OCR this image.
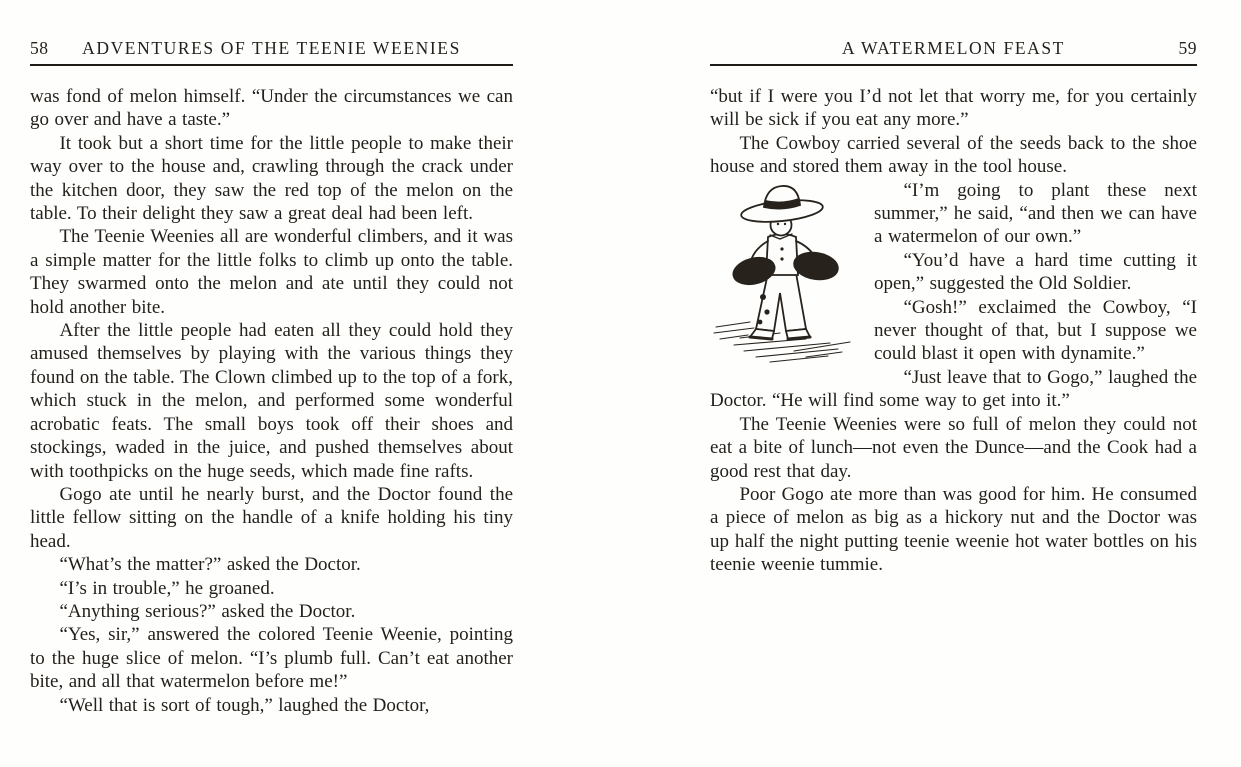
58	ADVENTURES OF THE TEENIE WEENIES

was fond of melon himself. “Under the circumstances we can go over and have a taste.”

It took but a short time for the little people to make their way over to the house and, crawling through the crack under the kitchen door, they saw the red top of the melon on the table. To their delight they saw a great deal had been left.

The Teenie Weenies all are wonderful climbers, and it was a simple matter for the little folks to climb up onto the table. They swarmed onto the melon and ate until they could not hold another bite.

After the little people had eaten all they could hold they amused themselves by playing with the various things they found on the table. The Clown climbed up to the top of a fork, which stuck in the melon, and performed some wonderful acrobatic feats. The small boys took off their shoes and stockings, waded in the juice, and pushed themselves about with toothpicks on the huge seeds, which made fine rafts.

Gogo ate until he nearly burst, and the Doctor found the little fellow sitting on the handle of a knife holding his tiny head.

“What’s the matter?” asked the Doctor.

“I’s in trouble,” he groaned.

“Anything serious?” asked the Doctor.

“Yes, sir,” answered the colored Teenie Weenie, pointing to the huge slice of melon. “I’s plumb full. Can’t eat another bite, and all that watermelon before me!”

“Well that is sort of tough,” laughed the Doctor,

A WATERMELON FEAST	59

“but if I were you I’d not let that worry me, for you certainly will be sick if you eat any more.”

The Cowboy carried several of the seeds back to the shoe house and stored them away in the tool house.

“I’m going to plant these next summer,” he said, “and then we can have a watermelon of our own.”

“You’d have a hard time cutting it open,” suggested the Old Soldier.

“Gosh!” exclaimed the Cowboy, “I never thought of that, but I suppose we could blast it open with dynamite.”

“Just leave that to Gogo,” laughed the Doctor. “He will find some way to get into it.”

The Teenie Weenies were so full of melon they could not eat a bite of lunch—not even the Dunce—and the Cook had a good rest that day.

Poor Gogo ate more than was good for him. He consumed a piece of melon as big as a hickory nut and the Doctor was up half the night putting teenie weenie hot water bottles on his teenie weenie tummie.
